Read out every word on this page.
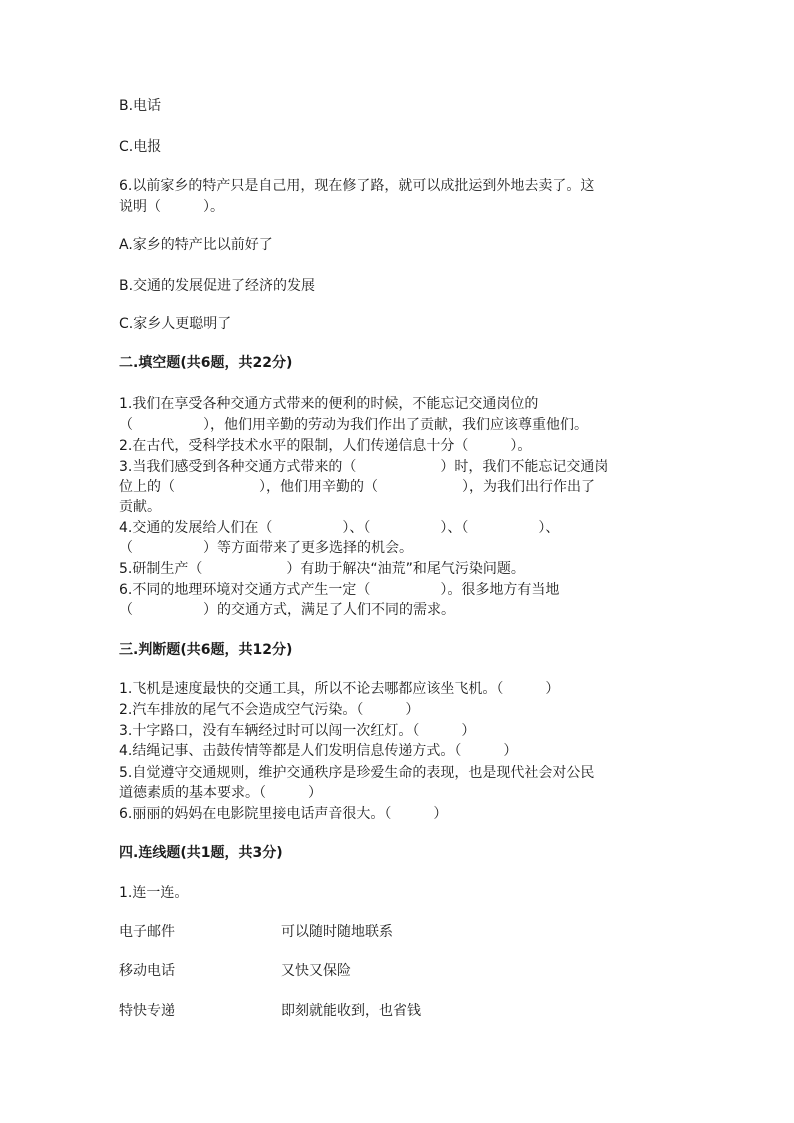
B.电话
C.电报
6.以前家乡的特产只是自己用，现在修了路，就可以成批运到外地去卖了。这
说明（　　　）。
A.家乡的特产比以前好了
B.交通的发展促进了经济的发展
C.家乡人更聪明了
二.填空题(共6题，共22分)
1.我们在享受各种交通方式带来的便利的时候，不能忘记交通岗位的
（　　　　　），他们用辛勤的劳动为我们作出了贡献，我们应该尊重他们。
2.在古代，受科学技术水平的限制，人们传递信息十分（　　　）。
3.当我们感受到各种交通方式带来的（　　　　　　）时，我们不能忘记交通岗
位上的（　　　　　　），他们用辛勤的（　　　　　　），为我们出行作出了
贡献。
4.交通的发展给人们在（　　　　　）、（　　　　　）、（　　　　　）、
（　　　　　）等方面带来了更多选择的机会。
5.研制生产（　　　　　　）有助于解决“油荒”和尾气污染问题。
6.不同的地理环境对交通方式产生一定（　　　　　）。很多地方有当地
（　　　　　）的交通方式，满足了人们不同的需求。
三.判断题(共6题，共12分)
1.飞机是速度最快的交通工具，所以不论去哪都应该坐飞机。（　　　）
2.汽车排放的尾气不会造成空气污染。（　　　）
3.十字路口，没有车辆经过时可以闯一次红灯。（　　　）
4.结绳记事、击鼓传情等都是人们发明信息传递方式。（　　　）
5.自觉遵守交通规则，维护交通秩序是珍爱生命的表现，也是现代社会对公民
道德素质的基本要求。（　　　）
6.丽丽的妈妈在电影院里接电话声音很大。（　　　）
四.连线题(共1题，共3分)
1.连一连。
电子邮件	可以随时随地联系
移动电话	又快又保险
特快专递	即刻就能收到，也省钱
